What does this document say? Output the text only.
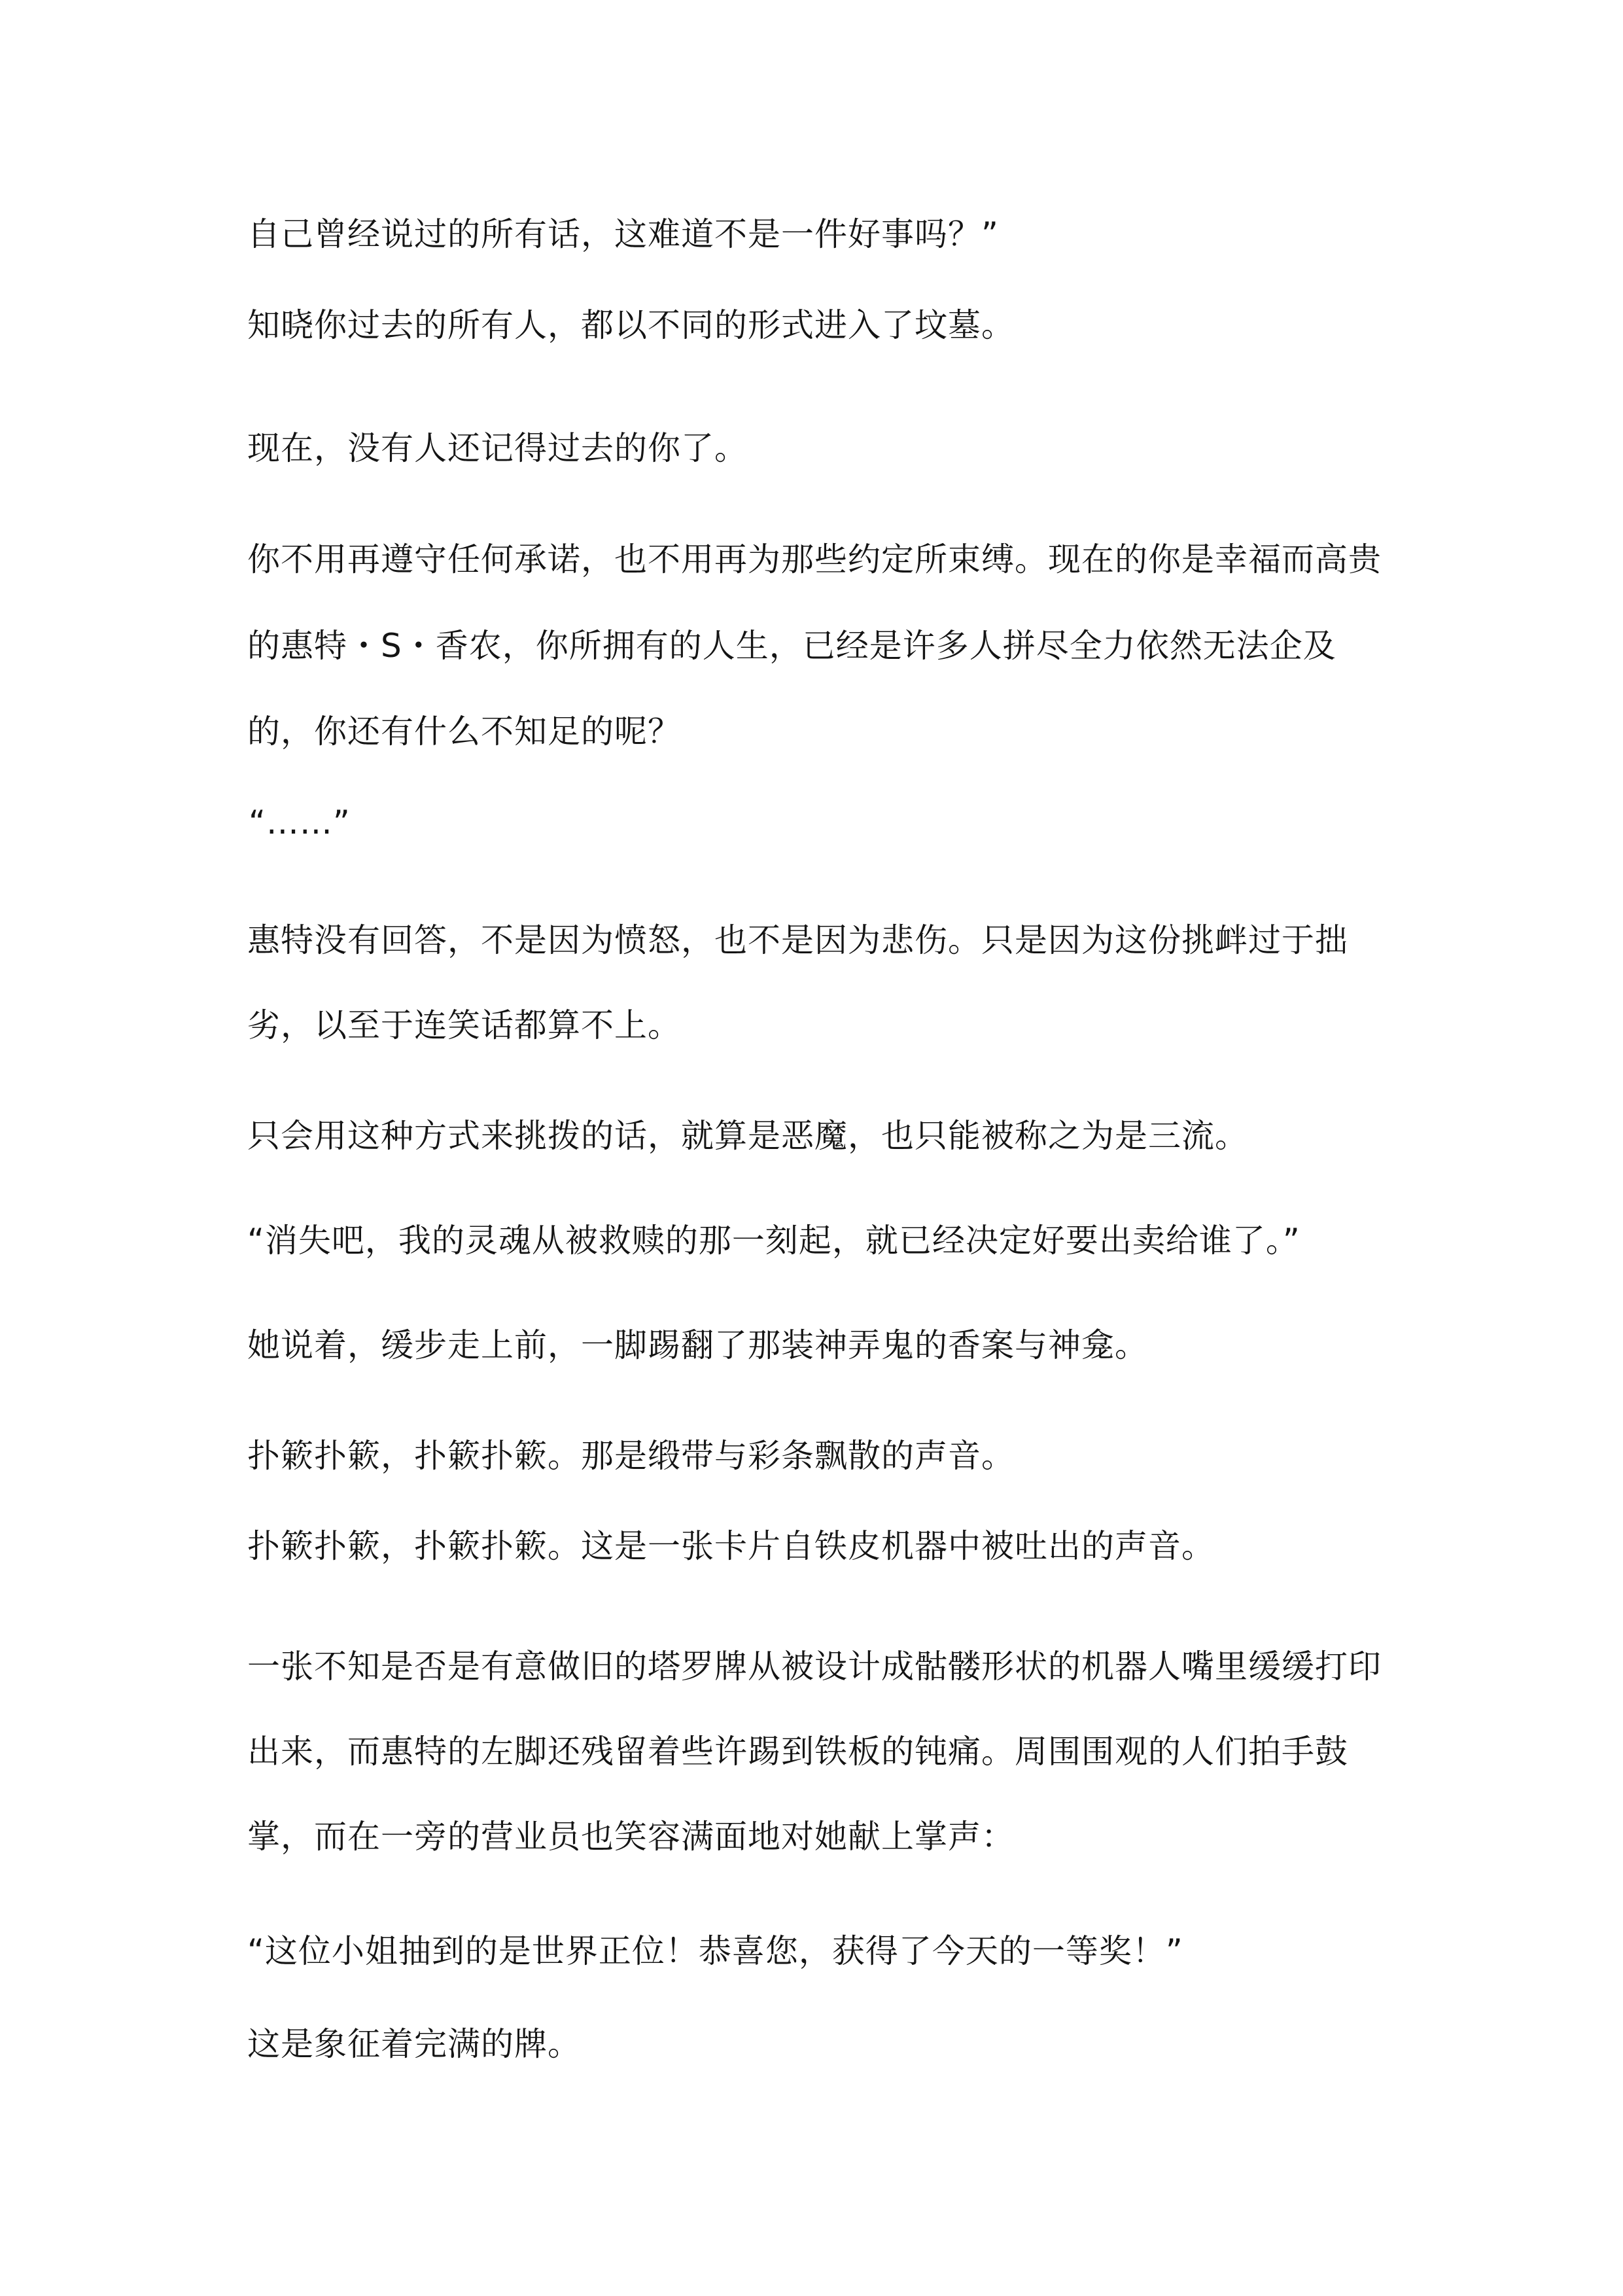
自己曾经说过的所有话，这难道不是一件好事吗？”

知晓你过去的所有人，都以不同的形式进入了坟墓。

现在，没有人还记得过去的你了。

你不用再遵守任何承诺，也不用再为那些约定所束缚。现在的你是幸福而高贵

的惠特・S・香农，你所拥有的人生，已经是许多人拼尽全力依然无法企及

的，你还有什么不知足的呢？

“……”

惠特没有回答，不是因为愤怒，也不是因为悲伤。只是因为这份挑衅过于拙

劣，以至于连笑话都算不上。

只会用这种方式来挑拨的话，就算是恶魔，也只能被称之为是三流。

“消失吧，我的灵魂从被救赎的那一刻起，就已经决定好要出卖给谁了。”

她说着，缓步走上前，一脚踢翻了那装神弄鬼的香案与神龛。

扑簌扑簌，扑簌扑簌。那是缎带与彩条飘散的声音。

扑簌扑簌，扑簌扑簌。这是一张卡片自铁皮机器中被吐出的声音。

一张不知是否是有意做旧的塔罗牌从被设计成骷髅形状的机器人嘴里缓缓打印

出来，而惠特的左脚还残留着些许踢到铁板的钝痛。周围围观的人们拍手鼓

掌，而在一旁的营业员也笑容满面地对她献上掌声：

“这位小姐抽到的是世界正位！恭喜您，获得了今天的一等奖！”

这是象征着完满的牌。
